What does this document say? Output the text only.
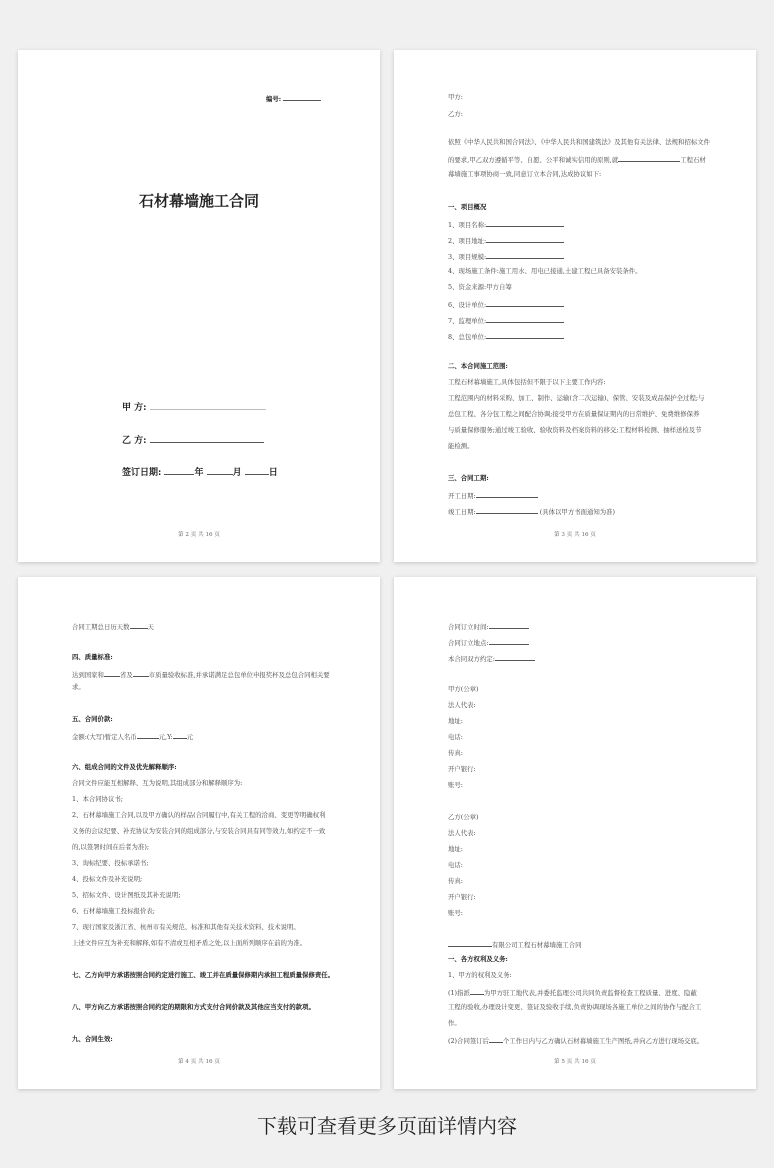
编号:
石材幕墙施工合同
甲 方:
乙 方:
签订日期:	年	月	日
第 2 页 共 16 页
甲方:
乙方:
依照《中华人民共和国合同法》、《中华人民共和国建筑法》及其他有关法律、法规和招标文件
的要求,甲乙双方遵循平等、自愿、公平和诚实信用的原则,就	工程石材
幕墙施工事项协商一致,同意订立本合同,达成协议如下:
一、项目概况
1、项目名称:
2、项目地址:
3、项目规模:
4、现场施工条件:施工用水、用电已接通,土建工程已具备安装条件。
5、资金来源:甲方自筹
6、设计单位:
7、监理单位:
8、总包单位:
二、本合同施工范围:
工程石材幕墙施工,具体包括但不限于以下主要工作内容:
工程范围内的材料采购、加工、制作、运输(含二次运输)、保管、安装及成品保护全过程;与
总包工程、各分包工程之间配合协调;接受甲方在质量保证期内的日常维护、免费维修保养
与质量保修服务;通过竣工验收、验收资料及档案资料的移交;工程材料检测、抽样送检及节
能检测。
三、合同工期:
开工日期:
竣工日期:	(具体以甲方书面通知为准)
第 3 页 共 16 页
合同工期总日历天数	天
四、质量标准:
达到国家和	省及	市质量验收标准,并承诺满足总包单位申报奖杯及总包合同相关要
求。
五、合同价款:
金额:(大写)暂定人名币	元,Y: 元
六、组成合同的文件及优先解释顺序:
合同文件应能互相解释、互为说明,其组成部分和解释顺序为:
1、本合同协议书;
2、石材幕墙施工合同,以及甲方确认的样品(合同履行中,有关工程的洽商、变更等明确权利
义务的会议纪要、补充协议为安装合同的组成部分,与安装合同具有同等效力,如约定不一致
的,以签署时间在后者为准);
3、询标纪要、投标承诺书;
4、投标文件及补充说明;
5、招标文件、设计图纸及其补充说明;
6、石材幕墙施工投标报价表;
7、现行国家及浙江省、杭州市有关规范、标准和其他有关技术资料、技术说明。
上述文件应互为补充和解释,如有不清或互相矛盾之处,以上面所列顺序在前的为准。
七、乙方向甲方承诺按照合同约定进行施工、竣工并在质量保修期内承担工程质量保修责任。
八、甲方向乙方承诺按照合同约定的期限和方式支付合同价款及其他应当支付的款项。
九、合同生效:
第 4 页 共 16 页
合同订立时间:
合同订立地点:
本合同双方约定:
甲方(公章)
法人代表:
地址:
电话:
传真:
开户银行:
账号:
乙方(公章)
法人代表:
地址:
电话:
传真:
开户银行:
账号:
有限公司工程石材幕墙施工合同
一、各方权利及义务:
1、甲方的权利及义务:
(1)指派 为甲方驻工地代表,并委托监理公司共同负责监督检查工程质量、进度、隐蔽
工程的验收,办理设计变更、签证及验收手续,负责协调现场各施工单位之间的协作与配合工
作。
(2)合同签订后 个工作日内与乙方确认石材幕墙施工生产图纸,并向乙方进行现场交底。
第 5 页 共 16 页
下载可查看更多页面详情内容
